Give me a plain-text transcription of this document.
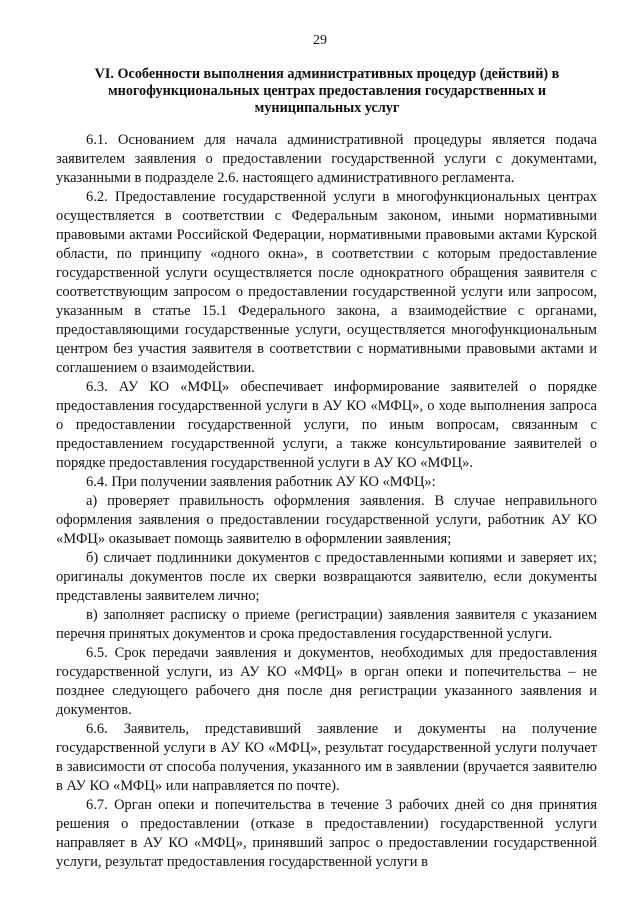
29
VI. Особенности выполнения административных процедур (действий) в многофункциональных центрах предоставления государственных и муниципальных услуг

6.1. Основанием для начала административной процедуры является подача заявителем заявления о предоставлении государственной услуги с документами, указанными в подразделе 2.6. настоящего административного регламента.

6.2. Предоставление государственной услуги в многофункциональных центрах осуществляется в соответствии с Федеральным законом, иными нормативными правовыми актами Российской Федерации, нормативными правовыми актами Курской области, по принципу «одного окна», в соответствии с которым предоставление государственной услуги осуществляется после однократного обращения заявителя с соответствующим запросом о предоставлении государственной услуги или запросом, указанным в статье 15.1 Федерального закона, а взаимодействие с органами, предоставляющими государственные услуги, осуществляется многофункциональным центром без участия заявителя в соответствии с нормативными правовыми актами и соглашением о взаимодействии.

6.3. АУ КО «МФЦ» обеспечивает информирование заявителей о порядке предоставления государственной услуги в АУ КО «МФЦ», о ходе выполнения запроса о предоставлении государственной услуги, по иным вопросам, связанным с предоставлением государственной услуги, а также консультирование заявителей о порядке предоставления государственной услуги в АУ КО «МФЦ».

6.4. При получении заявления работник АУ КО «МФЦ»:

а) проверяет правильность оформления заявления. В случае неправильного оформления заявления о предоставлении государственной услуги, работник АУ КО «МФЦ» оказывает помощь заявителю в оформлении заявления;

б) сличает подлинники документов с предоставленными копиями и заверяет их; оригиналы документов после их сверки возвращаются заявителю, если документы представлены заявителем лично;

в) заполняет расписку о приеме (регистрации) заявления заявителя с указанием перечня принятых документов и срока предоставления государственной услуги.

6.5. Срок передачи заявления и документов, необходимых для предоставления государственной услуги, из АУ КО «МФЦ» в орган опеки и попечительства – не позднее следующего рабочего дня после дня регистрации указанного заявления и документов.

6.6. Заявитель, представивший заявление и документы на получение государственной услуги в АУ КО «МФЦ», результат государственной услуги получает в зависимости от способа получения, указанного им в заявлении (вручается заявителю в АУ КО «МФЦ» или направляется по почте).

6.7. Орган опеки и попечительства в течение 3 рабочих дней со дня принятия решения о предоставлении (отказе в предоставлении) государственной услуги направляет в АУ КО «МФЦ», принявший запрос о предоставлении государственной услуги, результат предоставления государственной услуги в
